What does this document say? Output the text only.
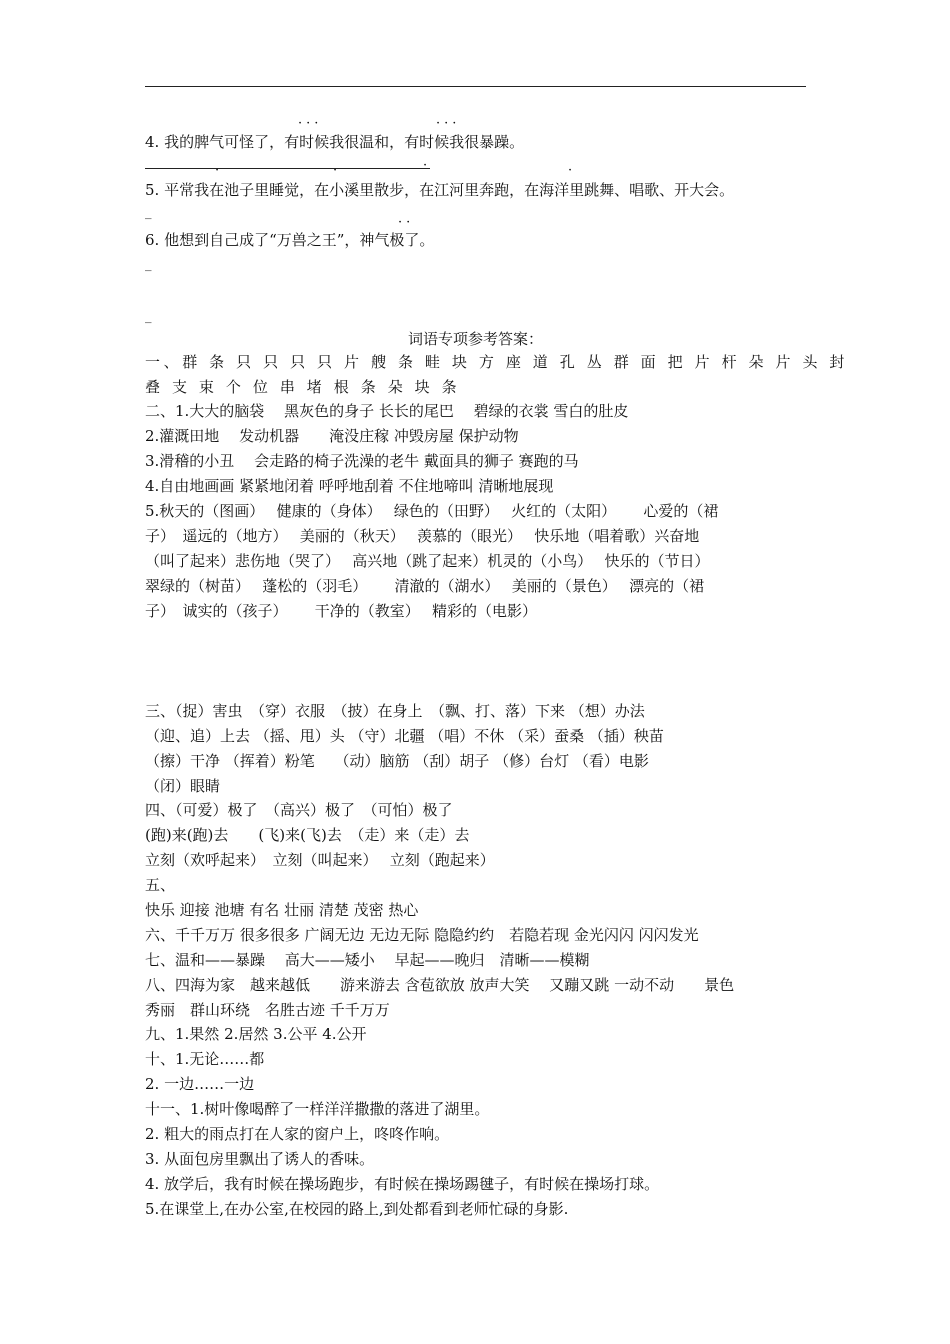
···	···
4. 我的脾气可怪了，有时候我很温和，有时候我很暴躁。
·	·	·	·
5. 平常我在池子里睡觉，在小溪里散步，在江河里奔跑，在海洋里跳舞、唱歌、开大会。
_
··
6. 他想到自己成了“万兽之王”，神气极了。
_
_
词语专项参考答案：
一、群 条 只 只 只 只 片 艘 条 畦 块 方 座 道 孔 丛 群 面 把 片 杆 朵 片 头 封
叠 支 束 个 位 串 堵 根 条 朵 块 条
二、1.大大的脑袋　 黑灰色的身子 长长的尾巴　 碧绿的衣裳 雪白的肚皮
2.灌溉田地　 发动机器　　淹没庄稼 冲毁房屋 保护动物
3.滑稽的小丑　 会走路的椅子洗澡的老牛 戴面具的狮子 赛跑的马
4.自由地画画 紧紧地闭着 呼呼地刮着 不住地啼叫 清晰地展现
5.秋天的（图画）　 健康的（身体）　 绿色的（田野）　 火红的（太阳）　　 心爱的（裙
子）　遥远的（地方）　 美丽的（秋天）　 羡慕的（眼光）　 快乐地（唱着歌）兴奋地
（叫了起来）悲伤地（哭了）　 高兴地（跳了起来）机灵的（小鸟）　 快乐的（节日）
翠绿的（树苗）　 蓬松的（羽毛）　　 清澈的（湖水）　 美丽的（景色）　 漂亮的（裙
子）　诚实的（孩子）　　 干净的（教室）　 精彩的（电影）
三、（捉）害虫　（穿）衣服　（披）在身上　（飘、打、落）下来 （想）办法
（迎、追）上去 （摇、甩）头 （守）北疆 （唱）不休 （采）蚕桑 （插）秧苗
（擦）干净 （挥着）粉笔　 （动）脑筋 （刮）胡子 （修）台灯 （看）电影
（闭）眼睛
四、（可爱）极了　（高兴）极了　（可怕）极了
(跑)来(跑)去　　(飞)来(飞)去　（走）来（走）去
立刻（欢呼起来）　立刻（叫起来）　 立刻（跑起来）
五、
快乐 迎接 池塘 有名 壮丽 清楚 茂密 热心
六、千千万万 很多很多 广阔无边 无边无际 隐隐约约　若隐若现 金光闪闪 闪闪发光
七、温和——暴躁　 高大——矮小　 早起——晚归　清晰——模糊
八、四海为家　越来越低　　游来游去 含苞欲放 放声大笑　 又蹦又跳 一动不动　　景色
秀丽　群山环绕　名胜古迹 千千万万
九、1.果然 2.居然 3.公平 4.公开
十、1.无论……都
2. 一边……一边
十一、1.树叶像喝醉了一样洋洋撒撒的落进了湖里。
2. 粗大的雨点打在人家的窗户上，咚咚作响。
3. 从面包房里飘出了诱人的香味。
4. 放学后，我有时候在操场跑步，有时候在操场踢毽子，有时候在操场打球。
5.在课堂上,在办公室,在校园的路上,到处都看到老师忙碌的身影.
